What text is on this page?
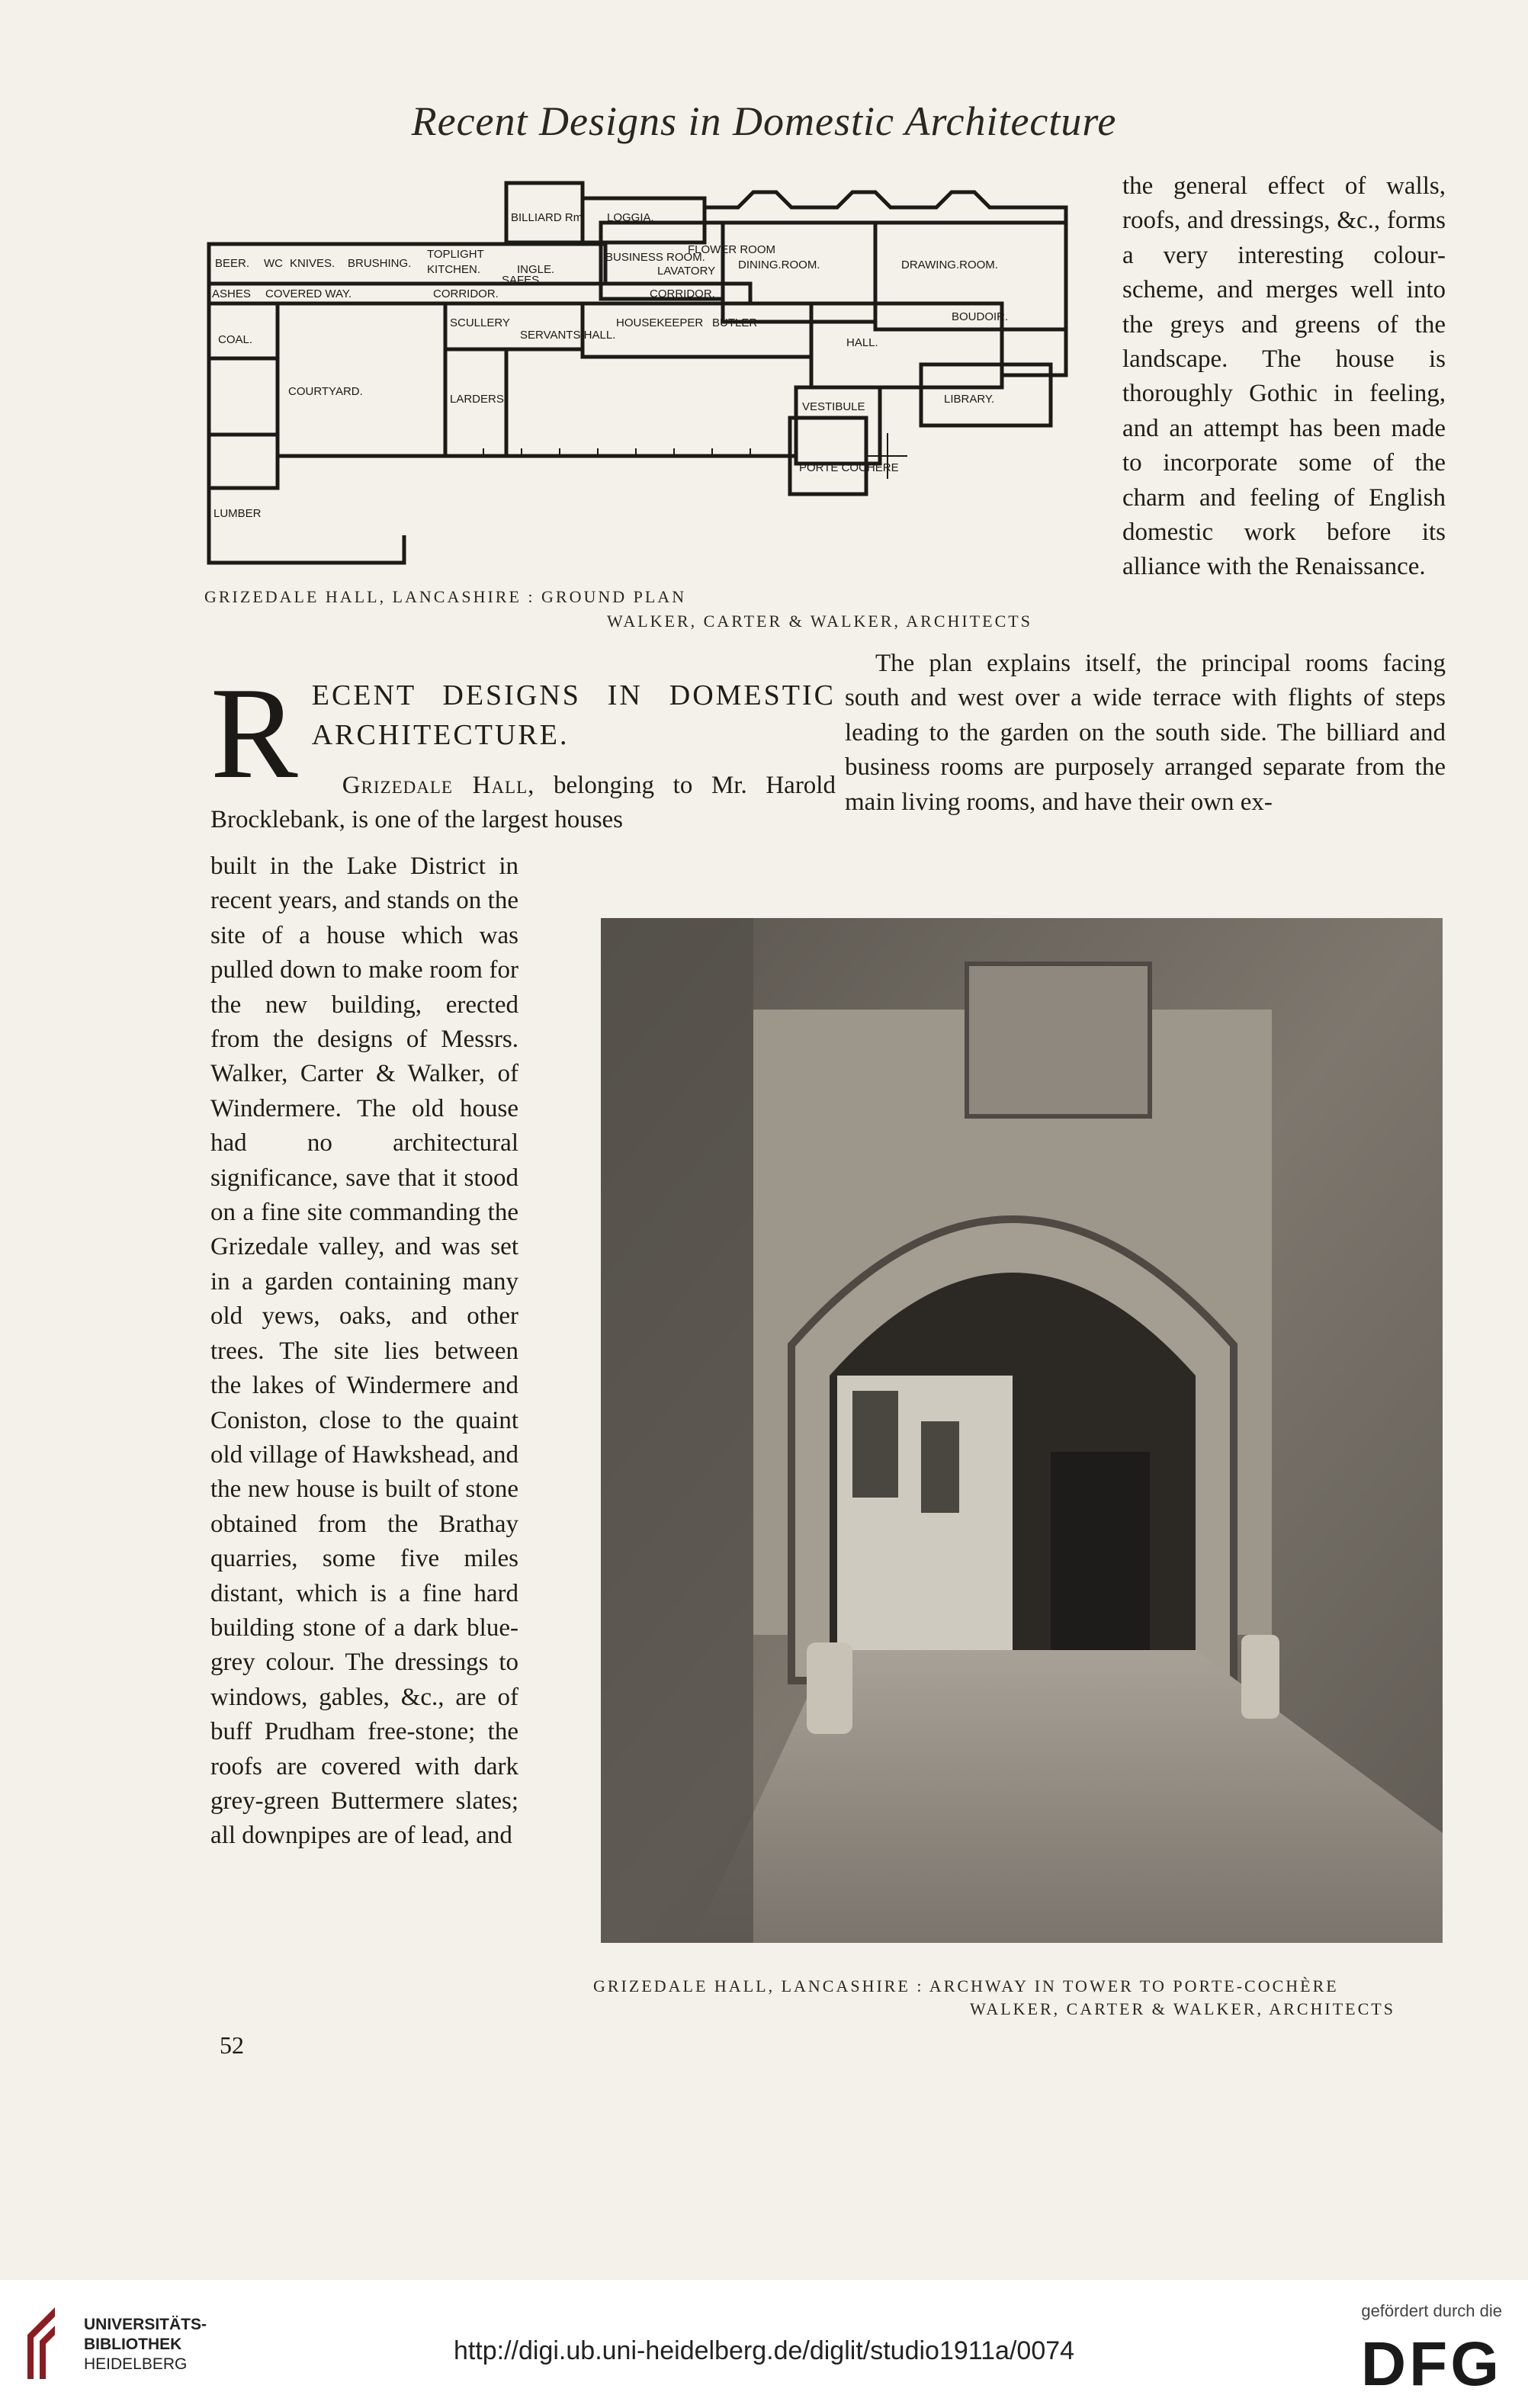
Recent Designs in Domestic Architecture
BILLIARD Rm LOGGIA.
BEER. WC KNIVES. BRUSHING.
TOPLIGHT
KITCHEN.	INGLE.
SAFES
BUSINESS ROOM.
LAVATORY
FLOWER ROOM
DINING.ROOM.	DRAWING.ROOM.
ASHES COVERED WAY.	CORRIDOR.	CORRIDOR.
BOUDOIR.
COAL.
SCULLERY
SERVANTS HALL.
HOUSEKEEPER BUTLER
HALL.
COURTYARD.
LARDERS.
VESTIBULE
LIBRARY.
PORTE COCHERE
LUMBER
GRIZEDALE HALL, LANCASHIRE : GROUND PLAN
WALKER, CARTER & WALKER, ARCHITECTS

the general effect of walls, roofs, and dressings, &c., forms a very interesting colour-scheme, and merges well into the greys and greens of the landscape. The house is thoroughly Gothic in feeling, and an attempt has been made to incorporate some of the charm and feeling of English domestic work before its alliance with the Renaissance.

R ECENT DESIGNS IN DOMESTIC ARCHITECTURE.

Grizedale Hall, belonging to Mr. Harold Brocklebank, is one of the largest houses

The plan explains itself, the principal rooms facing south and west over a wide terrace with flights of steps leading to the garden on the south side. The billiard and business rooms are purposely arranged separate from the main living rooms, and have their own ex-

built in the Lake District in recent years, and stands on the site of a house which was pulled down to make room for the new building, erected from the designs of Messrs. Walker, Carter & Walker, of Windermere. The old house had no architectural significance, save that it stood on a fine site commanding the Grizedale valley, and was set in a garden containing many old yews, oaks, and other trees. The site lies between the lakes of Windermere and Coniston, close to the quaint old village of Hawkshead, and the new house is built of stone obtained from the Brathay quarries, some five miles distant, which is a fine hard building stone of a dark blue-grey colour. The dressings to windows, gables, &c., are of buff Prudham free-stone; the roofs are covered with dark grey-green Buttermere slates; all downpipes are of lead, and

GRIZEDALE HALL, LANCASHIRE : ARCHWAY IN TOWER TO PORTE-COCHÈRE
WALKER, CARTER & WALKER, ARCHITECTS
52
UNIVERSITÄTS-
BIBLIOTHEK
HEIDELBERG	http://digi.ub.uni-heidelberg.de/diglit/studio1911a/0074
gefördert durch die
DFG
